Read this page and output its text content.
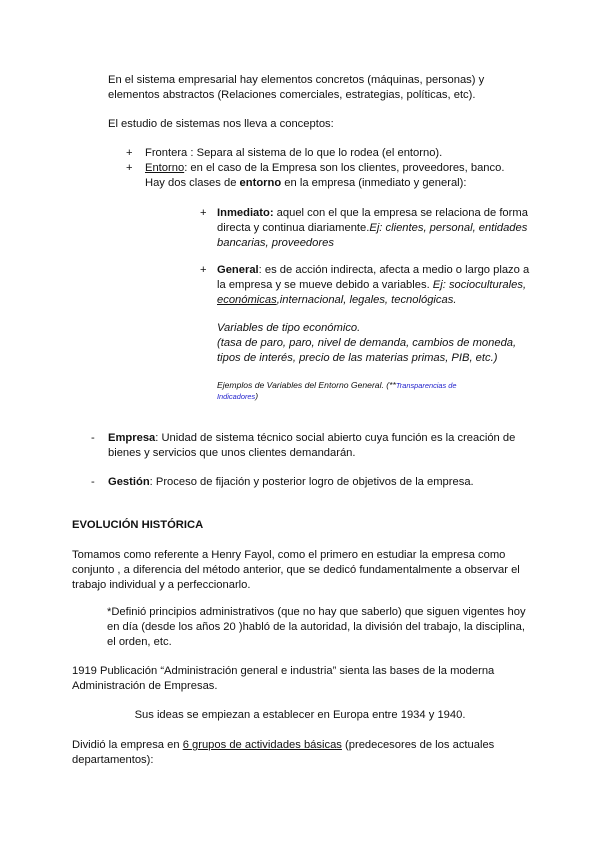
En el sistema empresarial hay elementos concretos (máquinas, personas) y
elementos abstractos (Relaciones comerciales, estrategias, políticas, etc).
El estudio de sistemas nos lleva a conceptos:
+ Frontera : Separa al sistema de lo que lo rodea (el entorno).
+ Entorno: en el caso de la Empresa son los clientes, proveedores, banco.
Hay dos clases de entorno en la empresa (inmediato y general):
+ Inmediato: aquel con el que la empresa se relaciona de forma
directa y continua diariamente.Ej: clientes, personal, entidades
bancarias, proveedores
+ General: es de acción indirecta, afecta a medio o largo plazo a
la empresa y se mueve debido a variables. Ej: socioculturales,
económicas,internacional, legales, tecnológicas.
Variables de tipo económico.
(tasa de paro, paro, nivel de demanda, cambios de moneda,
tipos de interés, precio de las materias primas, PIB, etc.)
Ejemplos de Variables del Entorno General. (**Transparencias de
Indicadores)
- Empresa: Unidad de sistema técnico social abierto cuya función es la creación de
bienes y servicios que unos clientes demandarán.
- Gestión: Proceso de fijación y posterior logro de objetivos de la empresa.
EVOLUCIÓN HISTÓRICA
Tomamos como referente a Henry Fayol, como el primero en estudiar la empresa como
conjunto , a diferencia del método anterior, que se dedicó fundamentalmente a observar el
trabajo individual y a perfeccionarlo.
*Definió principios administrativos (que no hay que saberlo) que siguen vigentes hoy
en día (desde los años 20 )habló de la autoridad, la división del trabajo, la disciplina,
el orden, etc.
1919 Publicación “Administración general e industria” sienta las bases de la moderna
Administración de Empresas.
Sus ideas se empiezan a establecer en Europa entre 1934 y 1940.
Dividió la empresa en 6 grupos de actividades básicas (predecesores de los actuales
departamentos):
